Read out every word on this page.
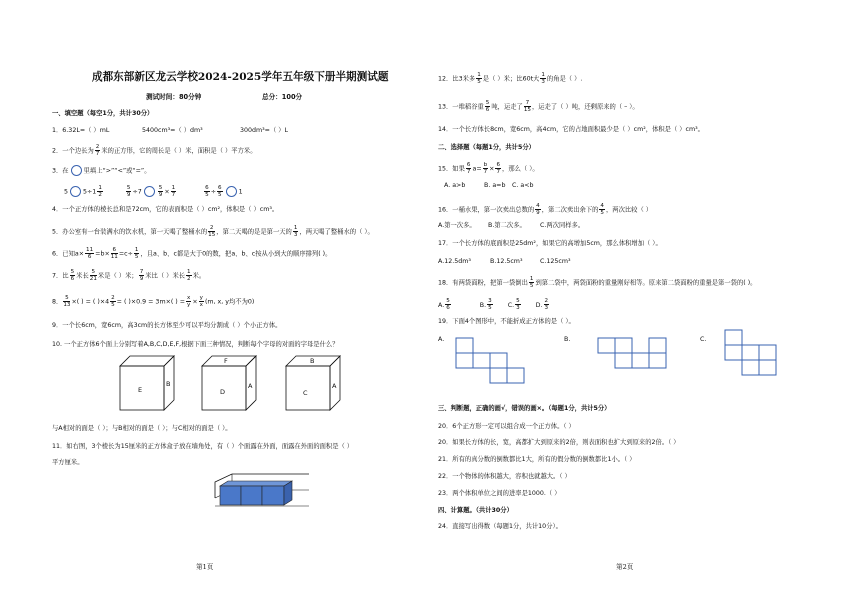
成都东部新区龙云学校2024-2025学年五年级下册半期测试题
测试时间：80分钟	总分：100分
一、填空题（每空1分，共计30分）
1．6.32L=（ ）mL	5400cm³=（ ）dm³	300dm³=（ ）L
2．一个边长为 $\frac{2}{7}$ 米的正方形，它的周长是（ ）米，面积是（ ）平方米。
3．在 里填上“>”“<”或“=”。
5 $5\div 1 \frac{1}{2}$
	$\frac{5}{9} \div 7$	$\frac{5}{9} \times \frac{1}{7}$
	$\frac{6}{5} \div \frac{6}{5}$	1
4．一个正方体的棱长总和是72cm，它的表面积是（ ）cm²，体积是（ ）cm³。
5．办公室有一台装满水的饮水机，第一天喝了整桶水的 $\frac{2}{15}$ ，第二天喝的是是第一天的 $\frac{1}{3}$ ，两天喝了整桶水的（ ）。
6．已知$a\times \frac{11}{6} =b\times \frac{6}{11} =c\div \frac{1}{5}$ ，且a、b、c都是大于0的数，把a、b、c按从小到大的顺序排列( )。
7．比 $\frac{5}{6}$ 米长 $\frac{5}{21}$ 米是（ ）米； $\frac{7}{9}$ 米比（ ）米长 $\frac{1}{2}$ 米。
8． $\frac{5}{13}$ ×( ) = ( )$\times 4 \frac{2}{5}$ = ( )×0.9 = 3m×( ) = $\frac{x}{y} \times \frac{y}{x} (m$, x, y均不为0)
9．一个长6cm，宽6cm，高3cm的长方体至少可以平均分割成（ ）个小正方体。
10. 一个正方体6个面上分别写着A,B,C,D,E,F,根据下面三种情况，判断每个字母的对面的字母是什么？
E
B
F
D
A
B
C
A
与A相对的面是（ ）；与B相对的面是（ ）；与C相对的面是（ ）。
11．如右图，3个棱长为15厘米的正方体盒子放在墙角处，有（ ）个面露在外面，面露在外面的面积是（ ）
平方厘米。
第1页
12．比3米多 $\frac{1}{5}$ 是（ ）米；比60t大 $\frac{1}{3}$ 的角是（ ）.
13．一堆稻谷重 $\frac{5}{6}$ 吨，运走了 $\frac{7}{15}$ ，运走了（ ）吨，还剩原来的（ – ）。
14．一个长方体长8cm，宽6cm，高4cm，它的占地面积最少是（ ）cm²，体积是（ ）cm³。
二、选择题（每题1分，共计5分）
15．如果 $\frac{6}{7} a= \frac{b}{7} \times \frac{6}{7}$ ，那么（ ）。
A. a>b	B. a=b C. a<b
16．一桶水果，第一次卖出总数的 $\frac{4}{9}$ ，第二次卖出余下的 $\frac{4}{5}$ ，两次比较（ ）
A.第一次多。 B.第二次多。 C.两次同样多。
17．一个长方体的底面积是25dm²，如果它的高增加5cm，那么体积增加（ ）。
A.12.5dm³	B.12.5cm³	C.125cm³
18．有两袋面粉，把第一袋倒出 $\frac{1}{5}$ 到第二袋中，两袋面粉的重量刚好相等。原来第二袋面粉的重量是第一袋的( )。
A. $\frac{5}{6}$	B. $\frac{3}{5} C$. $\frac{5}{3} D$. $\frac{2}{3}$
19．下面4个图形中，不能折成正方体的是（ ）。
A.	B.	C.
三、判断题，正确的画√，错误的画×。（每题1分，共计5分）
20．6个正方形一定可以组合成一个正方体。（ ）
20．如果长方体的长，宽，高都扩大到原来的2倍，则表面积也扩大到原来的2倍。（ ）
21．所有的真分数的倒数都比1大，所有的假分数的倒数都比1小。（ ）
22．一个物体的体积越大，容积也就越大。（ ）
23．两个体积单位之间的进率是1000.（ ）
四、计算题。（共计30分）
24．直接写出得数（每题1分，共计10分）。
第2页
